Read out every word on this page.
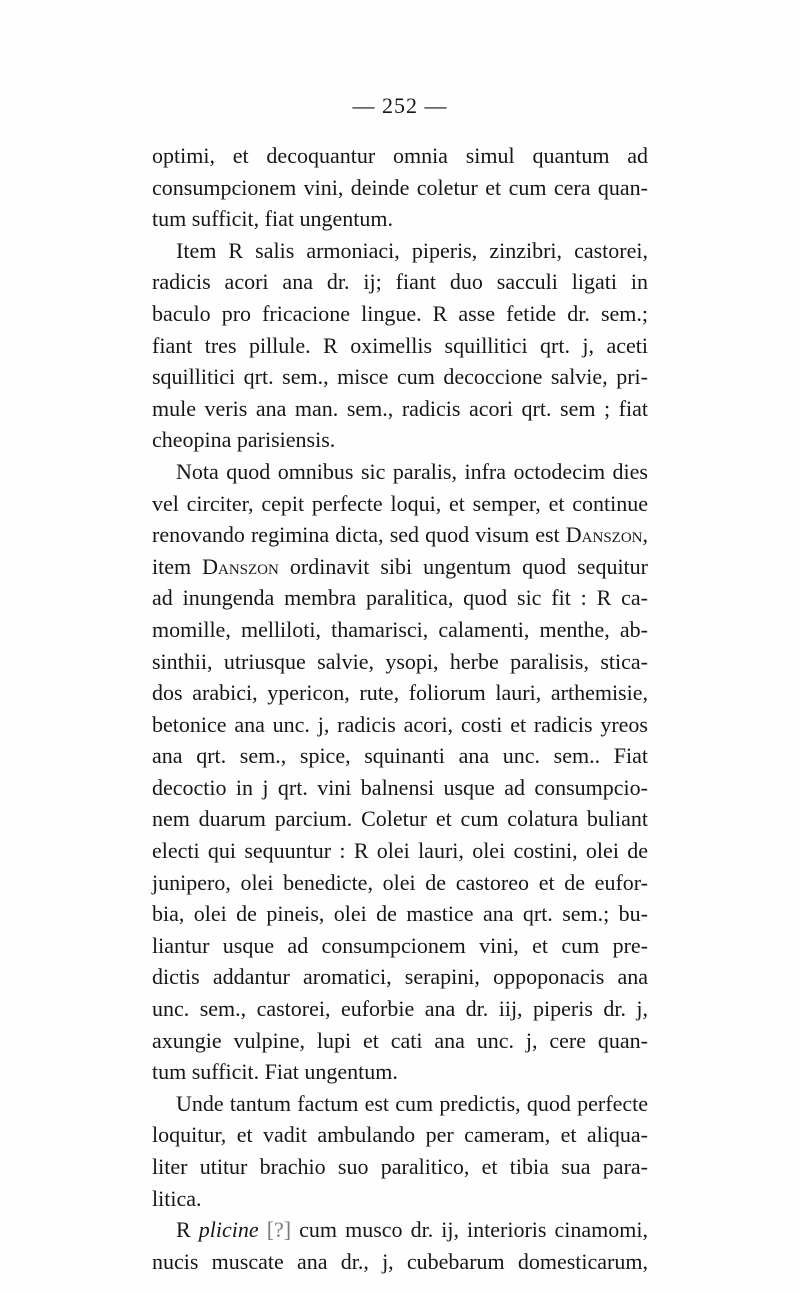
— 252 —
optimi, et decoquantur omnia simul quantum ad
consumpcionem vini, deinde coletur et cum cera quan-
tum sufficit, fiat ungentum.
Item R salis armoniaci, piperis, zinzibri, castorei,
radicis acori ana dr. ij; fiant duo sacculi ligati in
baculo pro fricacione lingue. R asse fetide dr. sem.;
fiant tres pillule. R oximellis squillitici qrt. j, aceti
squillitici qrt. sem., misce cum decoccione salvie, pri-
mule veris ana man. sem., radicis acori qrt. sem ; fiat
cheopina parisiensis.
Nota quod omnibus sic paralis, infra octodecim dies
vel circiter, cepit perfecte loqui, et semper, et continue
renovando regimina dicta, sed quod visum est Danszon,
item Danszon ordinavit sibi ungentum quod sequitur
ad inungenda membra paralitica, quod sic fit : R ca-
momille, melliloti, thamarisci, calamenti, menthe, ab-
sinthii, utriusque salvie, ysopi, herbe paralisis, stica-
dos arabici, ypericon, rute, foliorum lauri, arthemisie,
betonice ana unc. j, radicis acori, costi et radicis yreos
ana qrt. sem., spice, squinanti ana unc. sem.. Fiat
decoctio in j qrt. vini balnensi usque ad consumpcio-
nem duarum parcium. Coletur et cum colatura buliant
electi qui sequuntur : R olei lauri, olei costini, olei de
junipero, olei benedicte, olei de castoreo et de eufor-
bia, olei de pineis, olei de mastice ana qrt. sem.; bu-
liantur usque ad consumpcionem vini, et cum pre-
dictis addantur aromatici, serapini, oppoponacis ana
unc. sem., castorei, euforbie ana dr. iij, piperis dr. j,
axungie vulpine, lupi et cati ana unc. j, cere quan-
tum sufficit. Fiat ungentum.
Unde tantum factum est cum predictis, quod perfecte
loquitur, et vadit ambulando per cameram, et aliqua-
liter utitur brachio suo paralitico, et tibia sua para-
litica.
R plicine [?] cum musco dr. ij, interioris cinamomi,
nucis muscate ana dr., j, cubebarum domesticarum,
